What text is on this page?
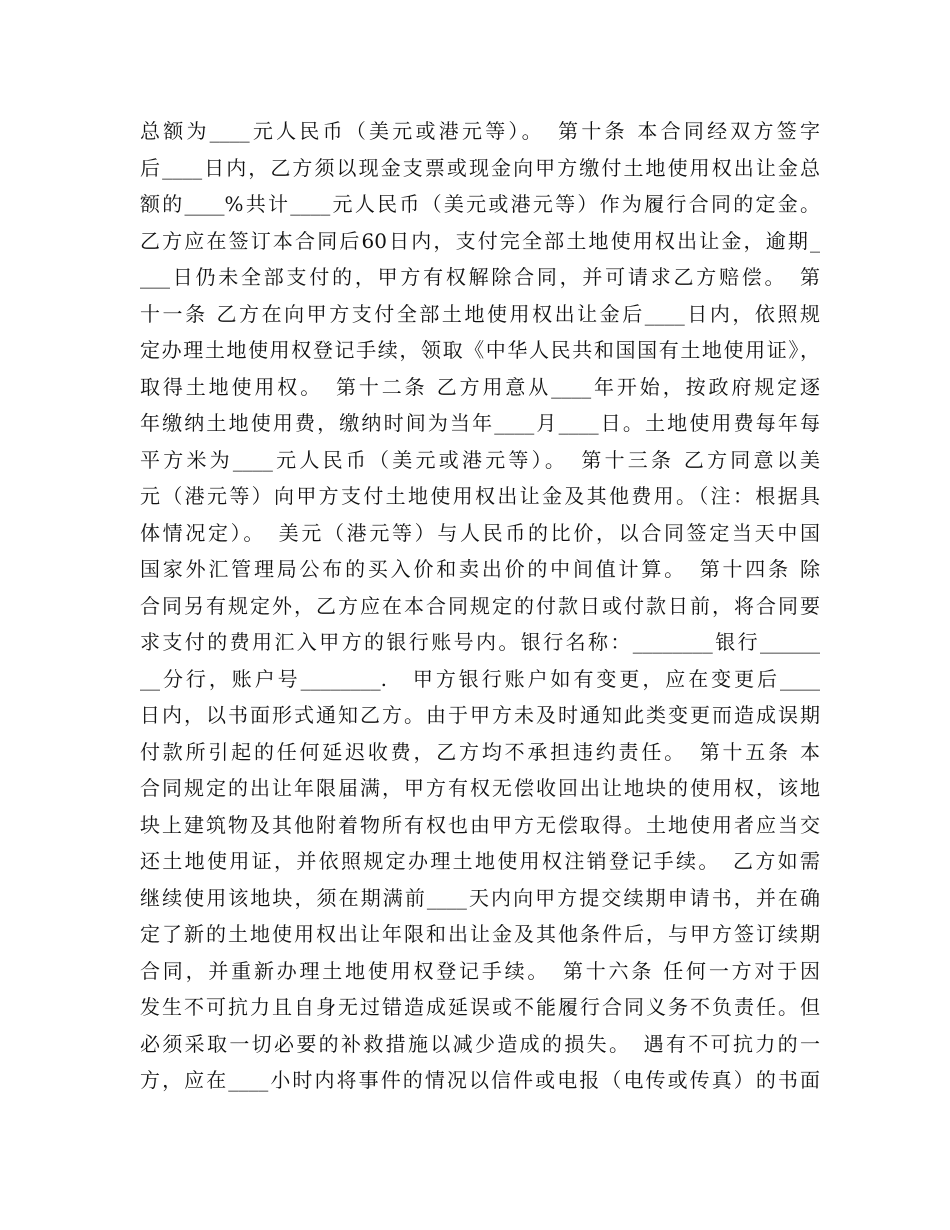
总额为____元人民币（美元或港元等）。　第十条 本合同经双方签字
后____日内，乙方须以现金支票或现金向甲方缴付土地使用权出让金总
额的____%共计____元人民币（美元或港元等）作为履行合同的定金。
乙方应在签订本合同后60日内，支付完全部土地使用权出让金，逾期_
___日仍未全部支付的，甲方有权解除合同，并可请求乙方赔偿。　第
十一条 乙方在向甲方支付全部土地使用权出让金后____日内，依照规
定办理土地使用权登记手续，领取《中华人民共和国国有土地使用证》，
取得土地使用权。　第十二条 乙方用意从____年开始，按政府规定逐
年缴纳土地使用费，缴纳时间为当年____月____日。土地使用费每年每
平方米为____元人民币（美元或港元等）。　第十三条 乙方同意以美
元（港元等）向甲方支付土地使用权出让金及其他费用。（注：根据具
体情况定）。　美元（港元等）与人民币的比价，以合同签定当天中国
国家外汇管理局公布的买入价和卖出价的中间值计算。　第十四条 除
合同另有规定外，乙方应在本合同规定的付款日或付款日前，将合同要
求支付的费用汇入甲方的银行账号内。银行名称：________银行______
__分行，账户号________.　甲方银行账户如有变更，应在变更后____
日内，以书面形式通知乙方。由于甲方未及时通知此类变更而造成误期
付款所引起的任何延迟收费，乙方均不承担违约责任。　第十五条 本
合同规定的出让年限届满，甲方有权无偿收回出让地块的使用权，该地
块上建筑物及其他附着物所有权也由甲方无偿取得。土地使用者应当交
还土地使用证，并依照规定办理土地使用权注销登记手续。　乙方如需
继续使用该地块，须在期满前____天内向甲方提交续期申请书，并在确
定了新的土地使用权出让年限和出让金及其他条件后，与甲方签订续期
合同，并重新办理土地使用权登记手续。　第十六条 任何一方对于因
发生不可抗力且自身无过错造成延误或不能履行合同义务不负责任。但
必须采取一切必要的补救措施以减少造成的损失。　遇有不可抗力的一
方，应在____小时内将事件的情况以信件或电报（电传或传真）的书面
